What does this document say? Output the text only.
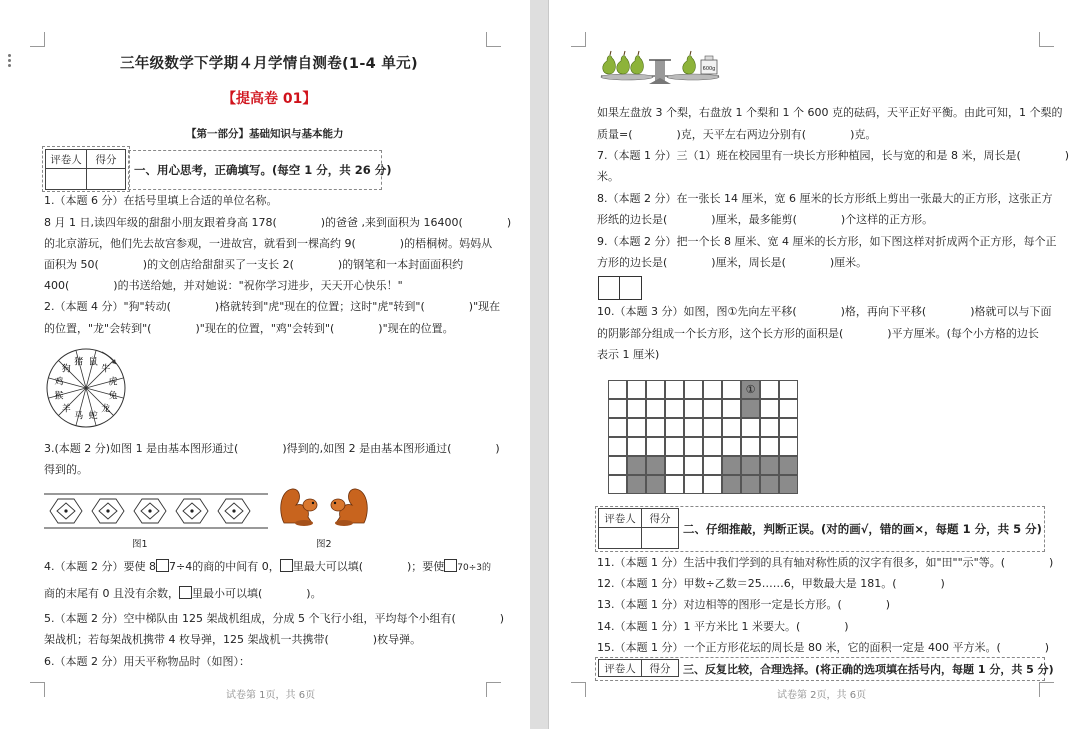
三年级数学下学期４月学情自测卷(1-4 单元)
【提高卷 01】
【第一部分】基础知识与基本能力
评卷人	得分

一、用心思考，正确填写。(每空 1 分，共 26 分)
1.（本题 6 分）在括号里填上合适的单位名称。
8 月 1 日,读四年级的甜甜小朋友跟着身高 178(　　　　)的爸爸 ,来到面积为 16400(　　　　)
的北京游玩，他们先去故宫参观，一进故宫，就看到一棵高约 9(　　　　)的梧桐树。妈妈从
面积为 50(　　　　)的文创店给甜甜买了一支长 2(　　　　)的钢笔和一本封面面积约
400(　　　　)的书送给她，并对她说："祝你学习进步，天天开心快乐！"
2.（本题 4 分）"狗"转动(　　　　)格就转到"虎"现在的位置；这时"虎"转到"(　　　　)"现在
的位置，"龙"会转到"(　　　　)"现在的位置，"鸡"会转到"(　　　　)"现在的位置。
鼠
牛
虎
兔
龙
蛇
马
羊
猴
鸡
狗
猪
3.(本题 2 分)如图 1 是由基本图形通过(　　　　)得到的,如图 2 是由基本图形通过(　　　　)
得到的。
图1	图2
4.（本题 2 分）要使 8 7÷4的商的中间有 0， 里最大可以填(　　　　)；要使 70÷3的
商的末尾有 0 且没有余数， 里最小可以填(　　　　)。
5.（本题 2 分）空中梯队由 125 架战机组成，分成 5 个飞行小组，平均每个小组有(　　　　)
架战机；若每架战机携带 4 枚导弹，125 架战机一共携带(　　　　)枚导弹。
6.（本题 2 分）用天平称物品时（如图）：
试卷第 1页，共 6页
600g
如果左盘放 3 个梨，右盘放 1 个梨和 1 个 600 克的砝码，天平正好平衡。由此可知，1 个梨的
质量=(　　　　)克，天平左右两边分别有(　　　　)克。
7.（本题 1 分）三（1）班在校园里有一块长方形种植园，长与宽的和是 8 米，周长是(　　　　)
米。
8.（本题 2 分）在一张长 14 厘米，宽 6 厘米的长方形纸上剪出一张最大的正方形，这张正方
形纸的边长是(　　　　)厘米，最多能剪(　　　　)个这样的正方形。
9.（本题 2 分）把一个长 8 厘米、宽 4 厘米的长方形，如下图这样对折成两个正方形，每个正
方形的边长是(　　　　)厘米，周长是(　　　　)厘米。
10.（本题 3 分）如图，图①先向左平移(　　　　)格，再向下平移(　　　　)格就可以与下面
的阴影部分组成一个长方形，这个长方形的面积是(　　　　)平方厘米。(每个小方格的边长
表示 1 厘米)
①
评卷人	得分

二、仔细推敲，判断正误。(对的画√，错的画×，每题 1 分，共 5 分)
11.（本题 1 分）生活中我们学到的具有轴对称性质的汉字有很多，如"田""示"等。(　　　　)
12.（本题 1 分）甲数÷乙数＝25……6，甲数最大是 181。(　　　　)
13.（本题 1 分）对边相等的图形一定是长方形。(　　　　)
14.（本题 1 分）1 平方米比 1 米要大。(　　　　)
15.（本题 1 分）一个正方形花坛的周长是 80 米，它的面积一定是 400 平方米。(　　　　)
评卷人	得分 三、反复比较，合理选择。(将正确的选项填在括号内，每题 1 分，共 5 分)
试卷第 2页，共 6页
